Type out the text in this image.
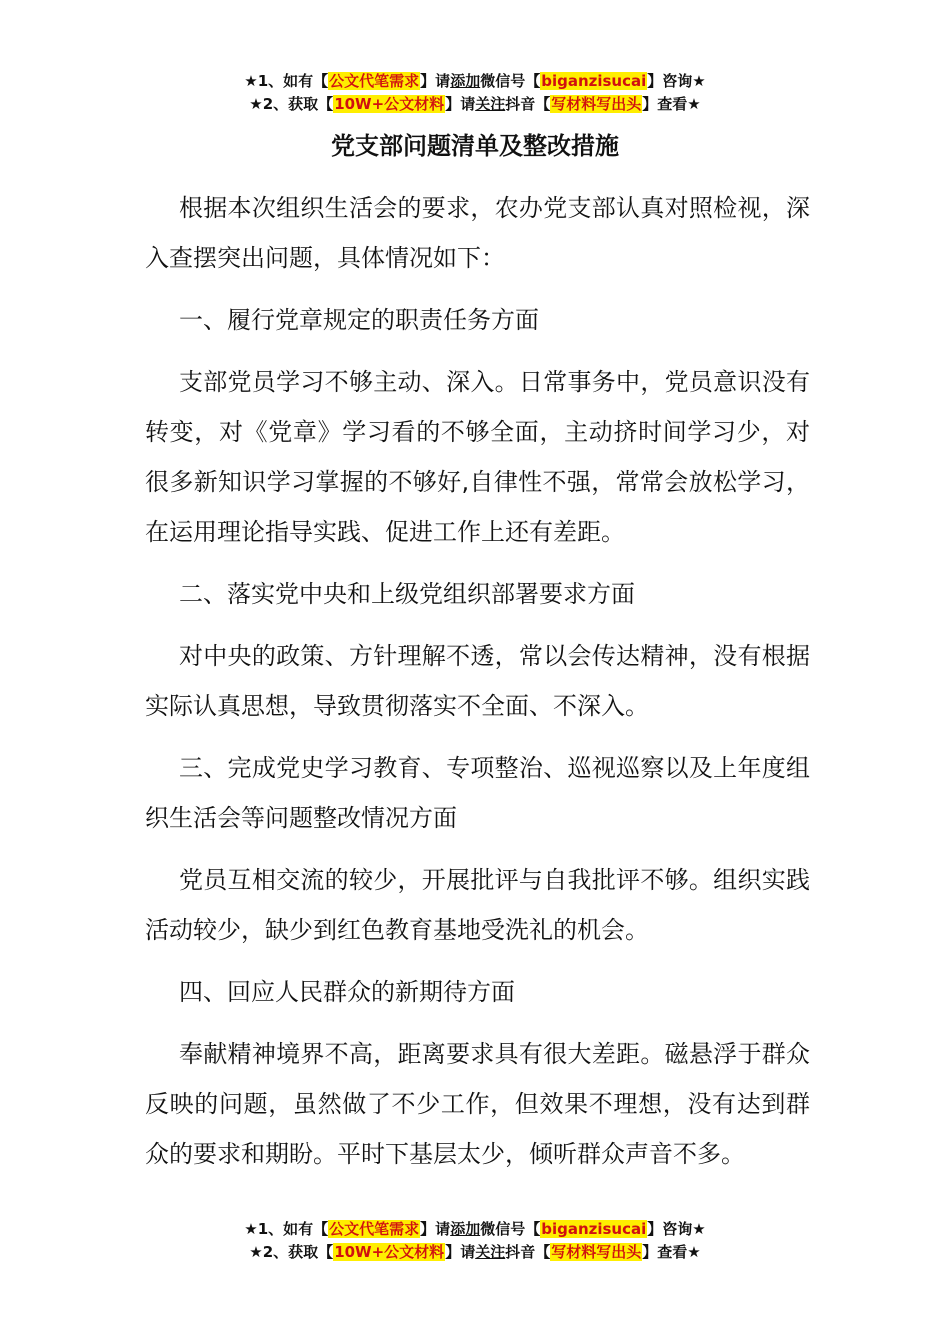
★1、如有【公文代笔需求】请添加微信号【biganzisucai】咨询★
★2、获取【10W+公文材料】请关注抖音【写材料写出头】查看★
党支部问题清单及整改措施

根据本次组织生活会的要求，农办党支部认真对照检视，深入查摆突出问题，具体情况如下：

一、履行党章规定的职责任务方面

支部党员学习不够主动、深入。日常事务中，党员意识没有转变，对《党章》学习看的不够全面，主动挤时间学习少，对很多新知识学习掌握的不够好,自律性不强，常常会放松学习，在运用理论指导实践、促进工作上还有差距。

二、落实党中央和上级党组织部署要求方面

对中央的政策、方针理解不透，常以会传达精神，没有根据实际认真思想，导致贯彻落实不全面、不深入。

三、完成党史学习教育、专项整治、巡视巡察以及上年度组织生活会等问题整改情况方面

党员互相交流的较少，开展批评与自我批评不够。组织实践活动较少，缺少到红色教育基地受洗礼的机会。

四、回应人民群众的新期待方面

奉献精神境界不高，距离要求具有很大差距。磁悬浮于群众反映的问题，虽然做了不少工作，但效果不理想，没有达到群众的要求和期盼。平时下基层太少，倾听群众声音不多。

★1、如有【公文代笔需求】请添加微信号【biganzisucai】咨询★
★2、获取【10W+公文材料】请关注抖音【写材料写出头】查看★
